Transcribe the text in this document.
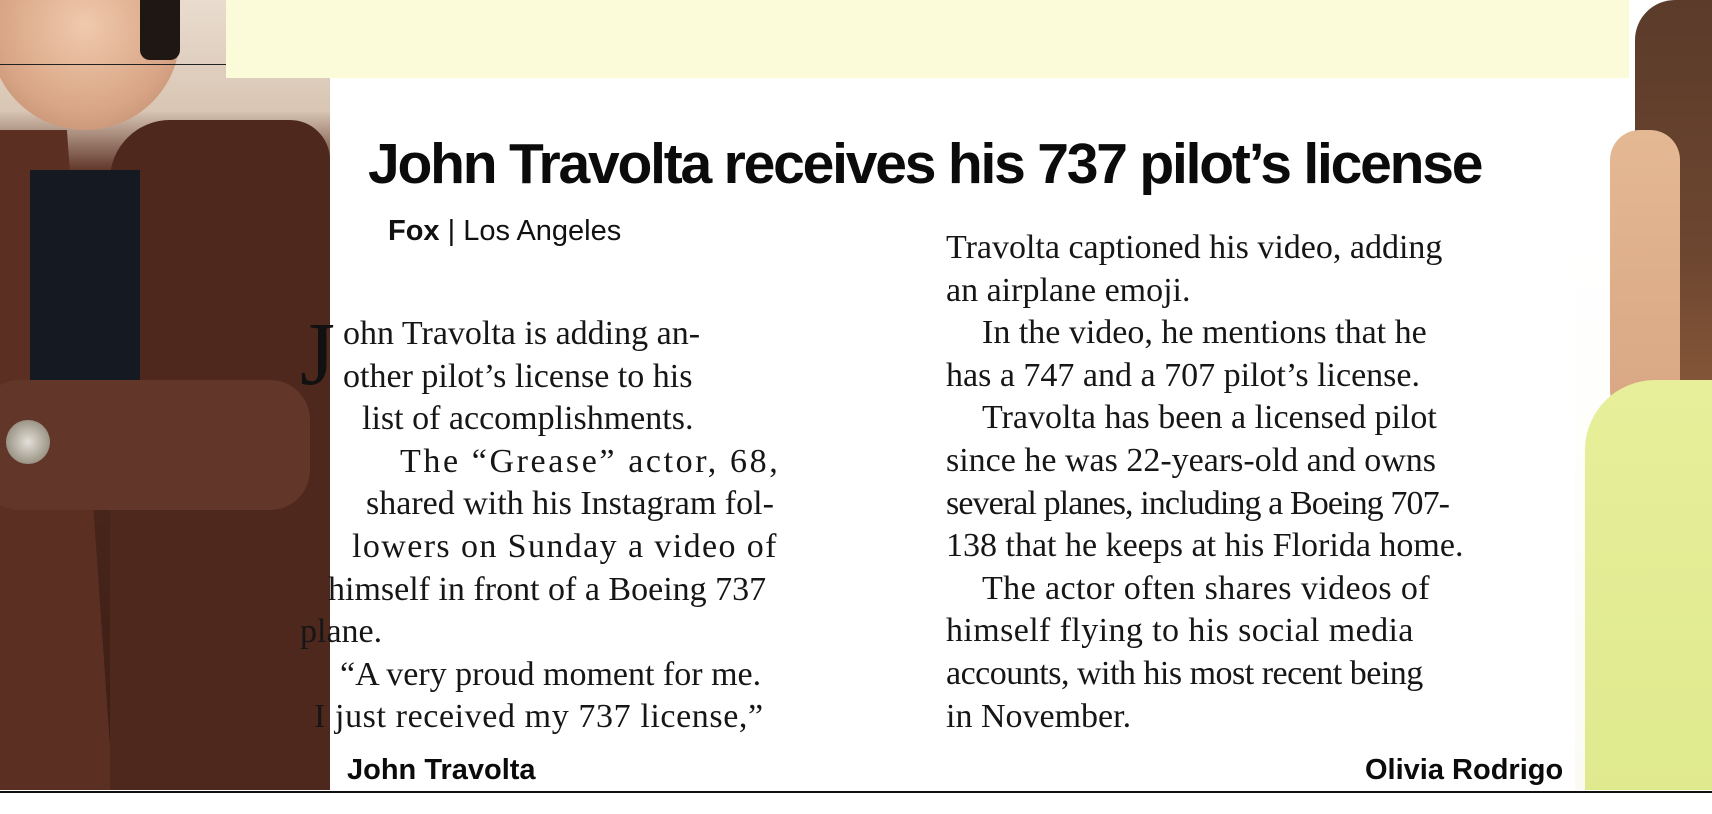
John Travolta receives his 737 pilot’s license
Fox | Los Angeles
J ohn Travolta is adding an-
other pilot’s license to his
list of accomplishments.
The “Grease” actor, 68,
shared with his Instagram fol-
lowers on Sunday a video of
himself in front of a Boeing 737
plane.
“A very proud moment for me.
I just received my 737 license,”
Travolta captioned his video, adding
an airplane emoji.
In the video, he mentions that he
has a 747 and a 707 pilot’s license.
Travolta has been a licensed pilot
since he was 22-years-old and owns
several planes, including a Boeing 707-
138 that he keeps at his Florida home.
The actor often shares videos of
himself flying to his social media
accounts, with his most recent being
in November.
John Travolta	Olivia Rodrigo
